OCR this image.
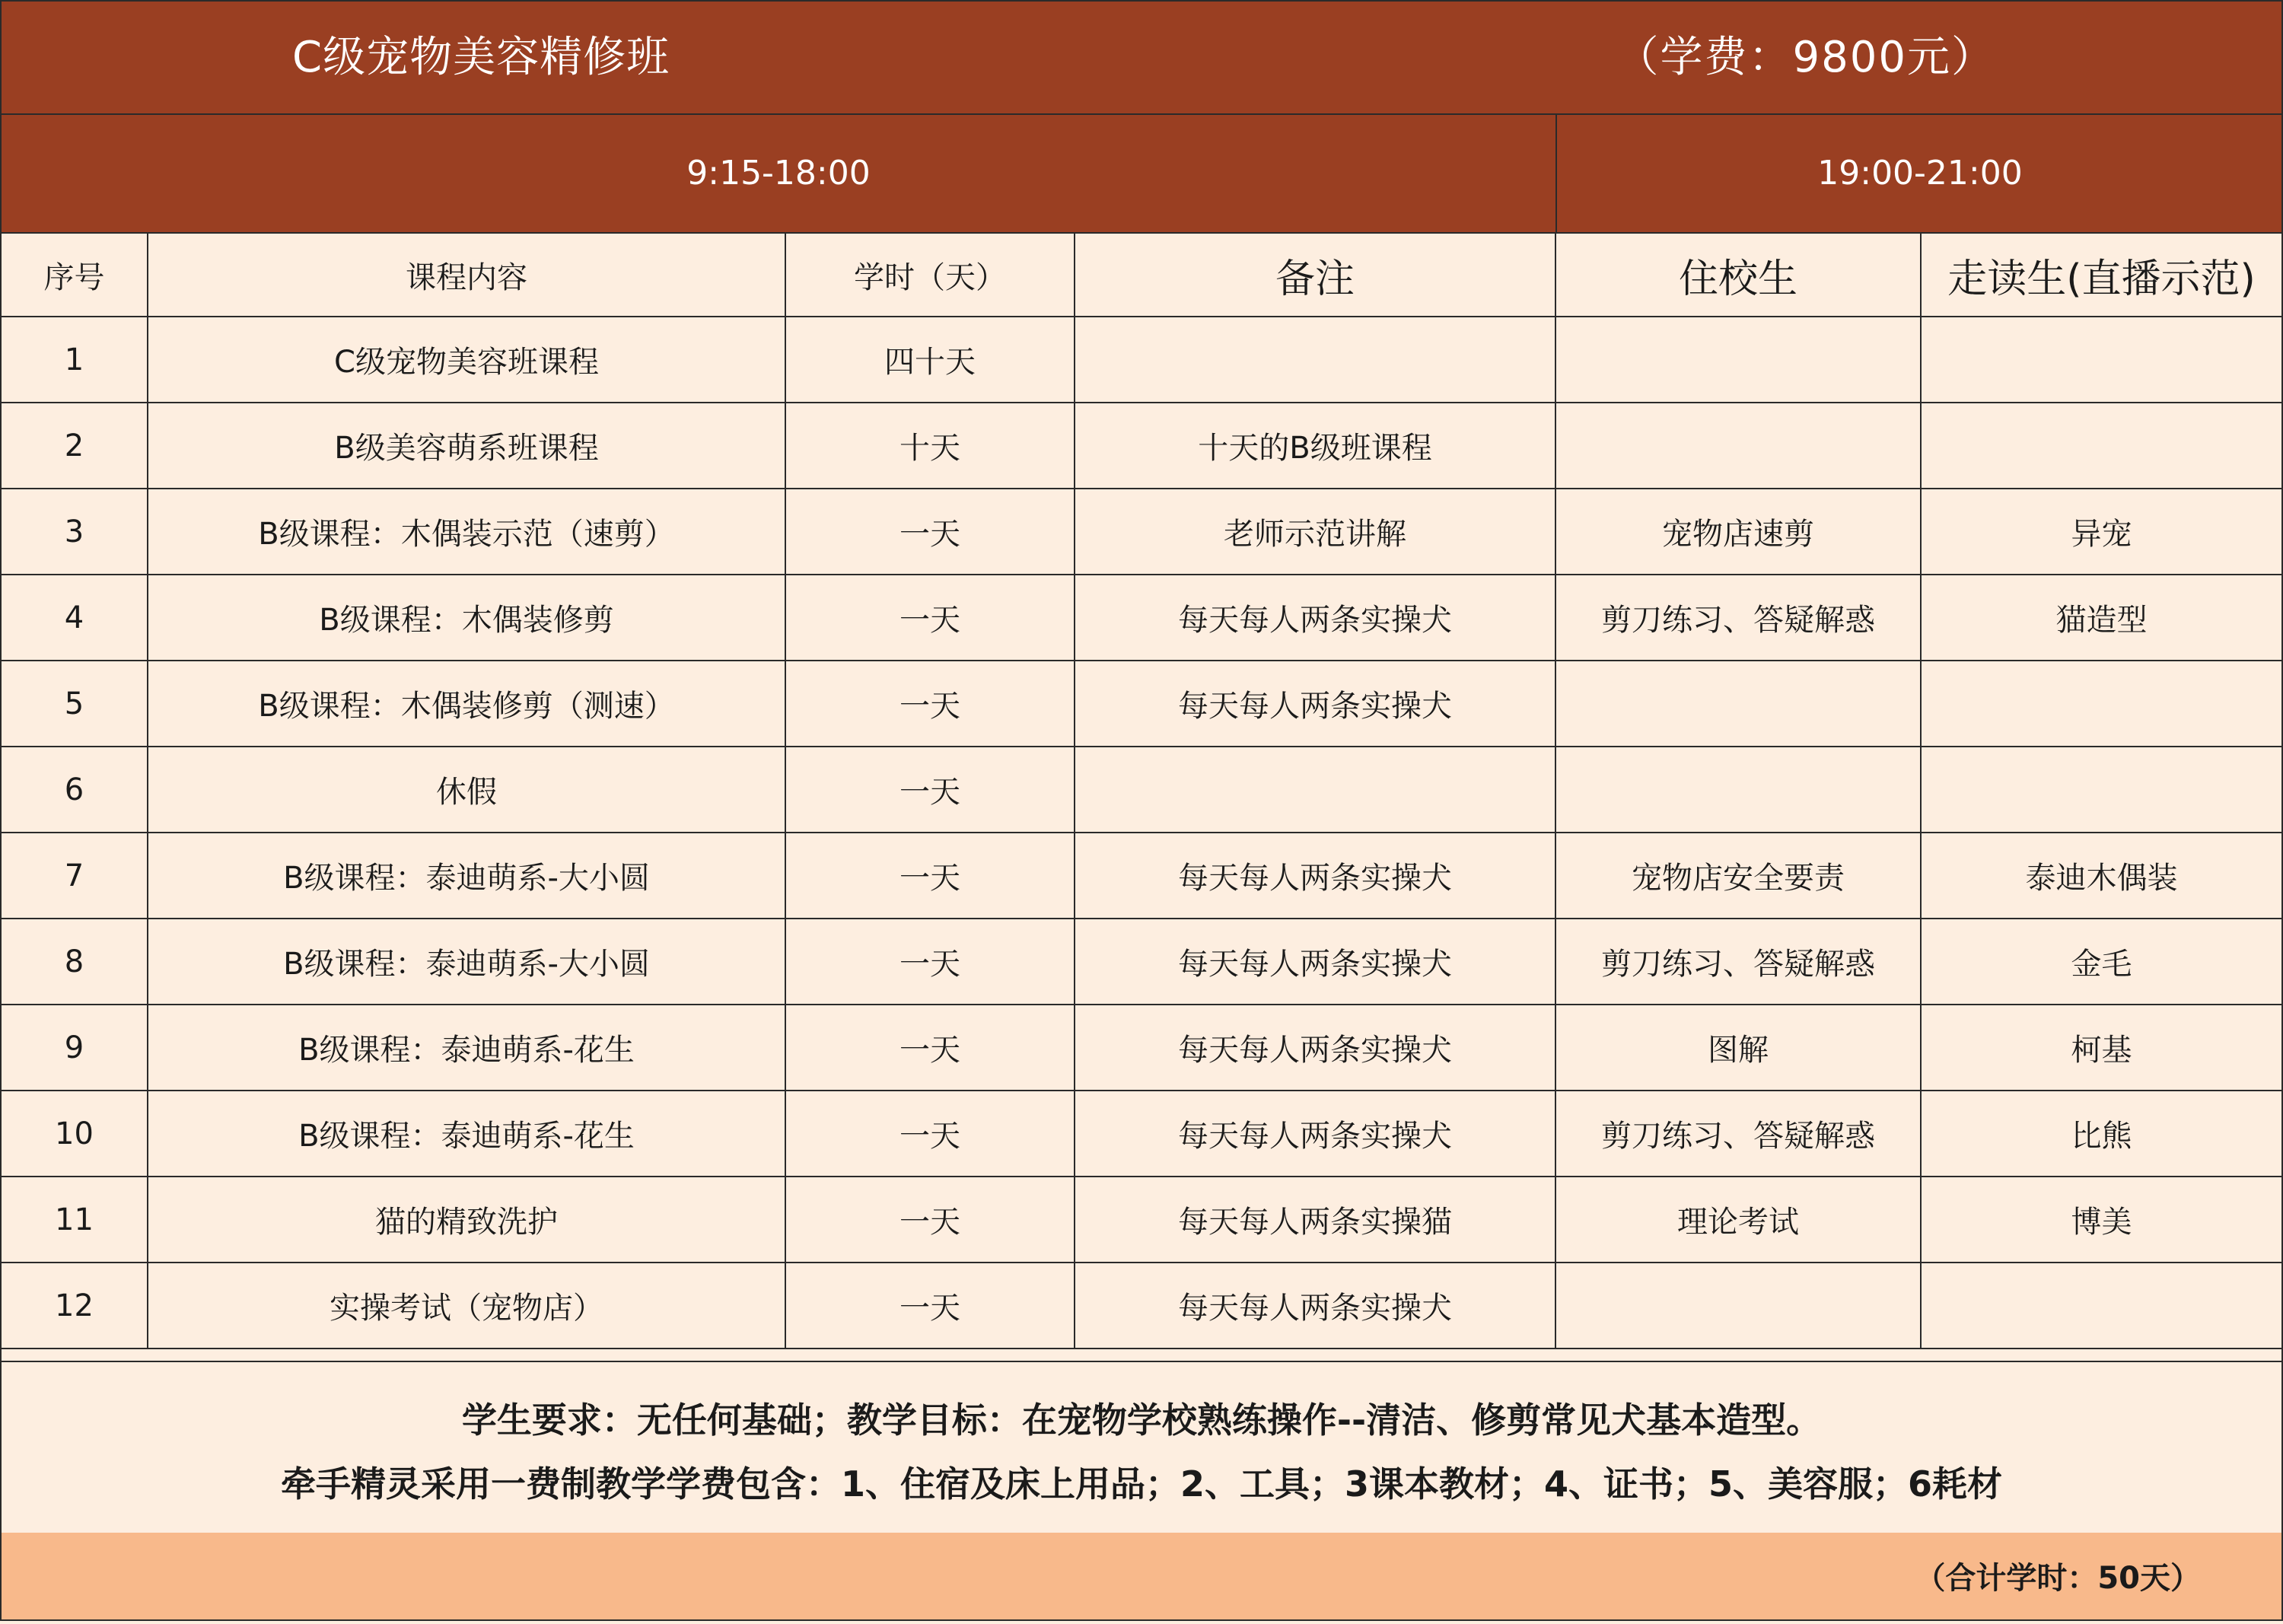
C级宠物美容精修班	（学费：9800元）
9:15-18:00	19:00-21:00
序号	课程内容	学时（天）	备注	住校生	走读生(直播示范)
1	C级宠物美容班课程	四十天			
2	B级美容萌系班课程	十天	十天的B级班课程		
3	B级课程：木偶装示范（速剪）	一天	老师示范讲解	宠物店速剪	异宠
4	B级课程：木偶装修剪	一天	每天每人两条实操犬	剪刀练习、答疑解惑	猫造型
5	B级课程：木偶装修剪（测速）	一天	每天每人两条实操犬		
6	休假	一天			
7	B级课程：泰迪萌系-大小圆	一天	每天每人两条实操犬	宠物店安全要责	泰迪木偶装
8	B级课程：泰迪萌系-大小圆	一天	每天每人两条实操犬	剪刀练习、答疑解惑	金毛
9	B级课程：泰迪萌系-花生	一天	每天每人两条实操犬	图解	柯基
10	B级课程：泰迪萌系-花生	一天	每天每人两条实操犬	剪刀练习、答疑解惑	比熊
11	猫的精致洗护	一天	每天每人两条实操猫	理论考试	博美
12	实操考试（宠物店）	一天	每天每人两条实操犬		
学生要求：无任何基础；教学目标：在宠物学校熟练操作--清洁、修剪常见犬基本造型。
牵手精灵采用一费制教学学费包含：1、住宿及床上用品；2、工具；3课本教材；4、证书；5、美容服；6耗材
（合计学时：50天）
